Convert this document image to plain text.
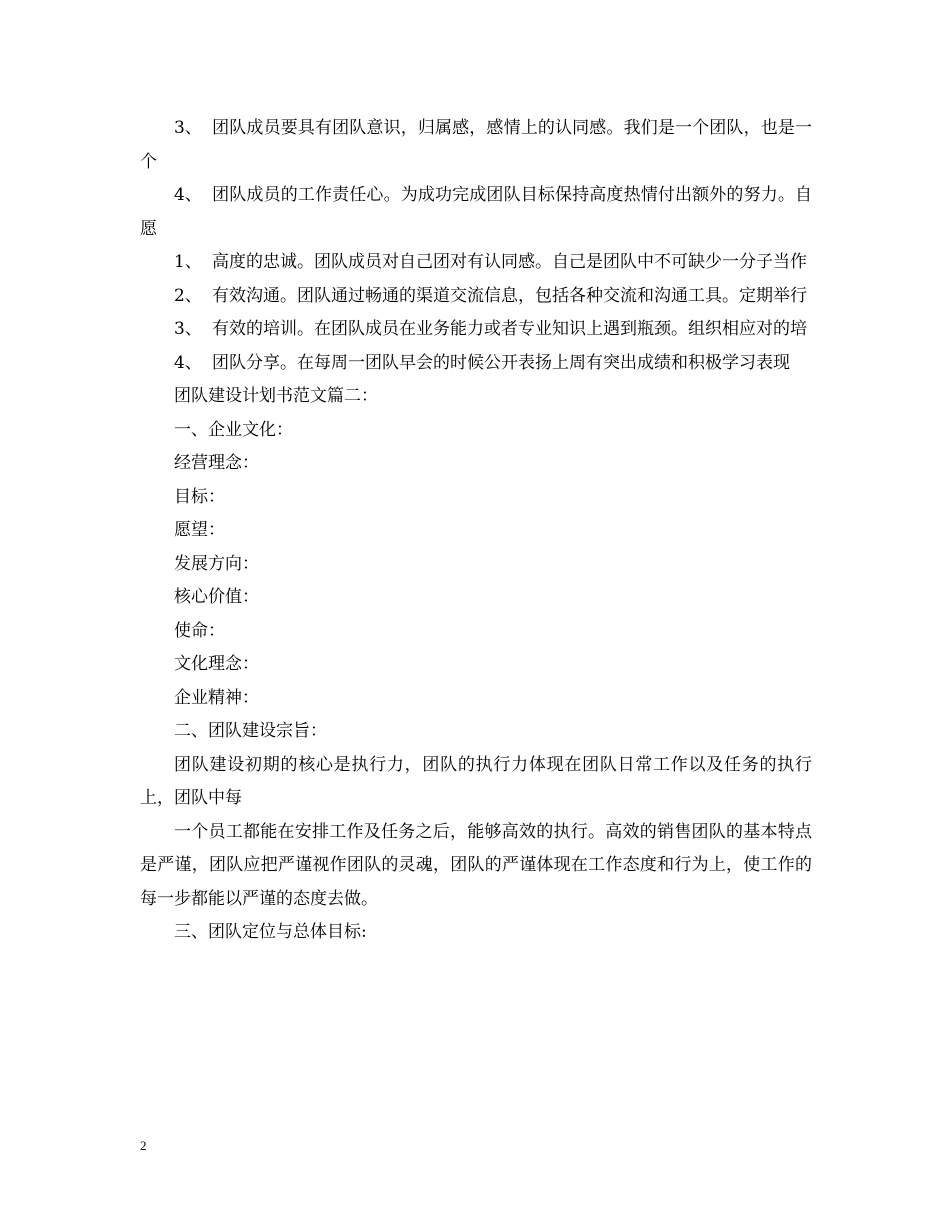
3、 团队成员要具有团队意识，归属感，感情上的认同感。我们是一个团队，也是一个

4、 团队成员的工作责任心。为成功完成团队目标保持高度热情付出额外的努力。自愿

1、 高度的忠诚。团队成员对自己团对有认同感。自己是团队中不可缺少一分子当作

2、 有效沟通。团队通过畅通的渠道交流信息，包括各种交流和沟通工具。定期举行

3、 有效的培训。在团队成员在业务能力或者专业知识上遇到瓶颈。组织相应对的培

4、 团队分享。在每周一团队早会的时候公开表扬上周有突出成绩和积极学习表现

团队建设计划书范文篇二：

一、企业文化：

经营理念：

目标：

愿望：

发展方向：

核心价值：

使命：

文化理念：

企业精神：

二、团队建设宗旨：

团队建设初期的核心是执行力，团队的执行力体现在团队日常工作以及任务的执行上，团队中每

一个员工都能在安排工作及任务之后，能够高效的执行。高效的销售团队的基本特点是严谨，团队应把严谨视作团队的灵魂，团队的严谨体现在工作态度和行为上，使工作的每一步都能以严谨的态度去做。

三、团队定位与总体目标:

2
